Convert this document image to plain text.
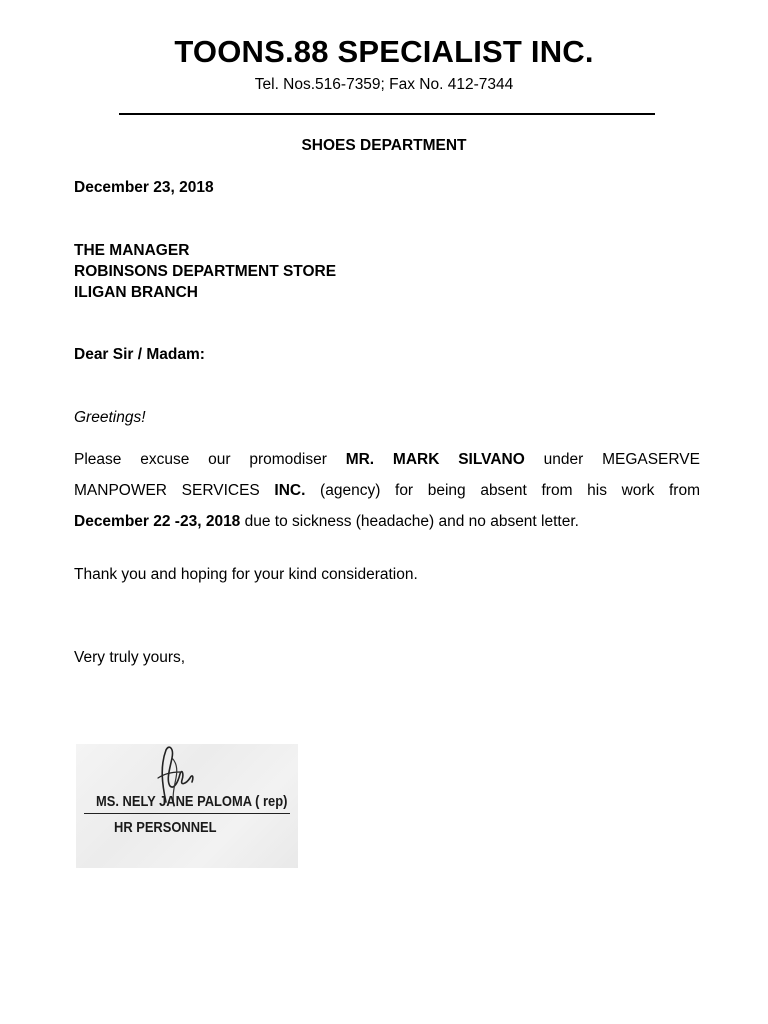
TOONS.88 SPECIALIST INC.
Tel. Nos.516-7359; Fax No. 412-7344
SHOES DEPARTMENT
December 23, 2018
THE MANAGER
ROBINSONS DEPARTMENT STORE
ILIGAN BRANCH
Dear Sir / Madam:
Greetings!
Please excuse our promodiser MR. MARK SILVANO under MEGASERVE
MANPOWER SERVICES INC. (agency) for being absent from his work from
December 22 -23, 2018 due to sickness (headache) and no absent letter.
Thank you and hoping for your kind consideration.
Very truly yours,
MS. NELY JANE PALOMA ( rep)
HR PERSONNEL
